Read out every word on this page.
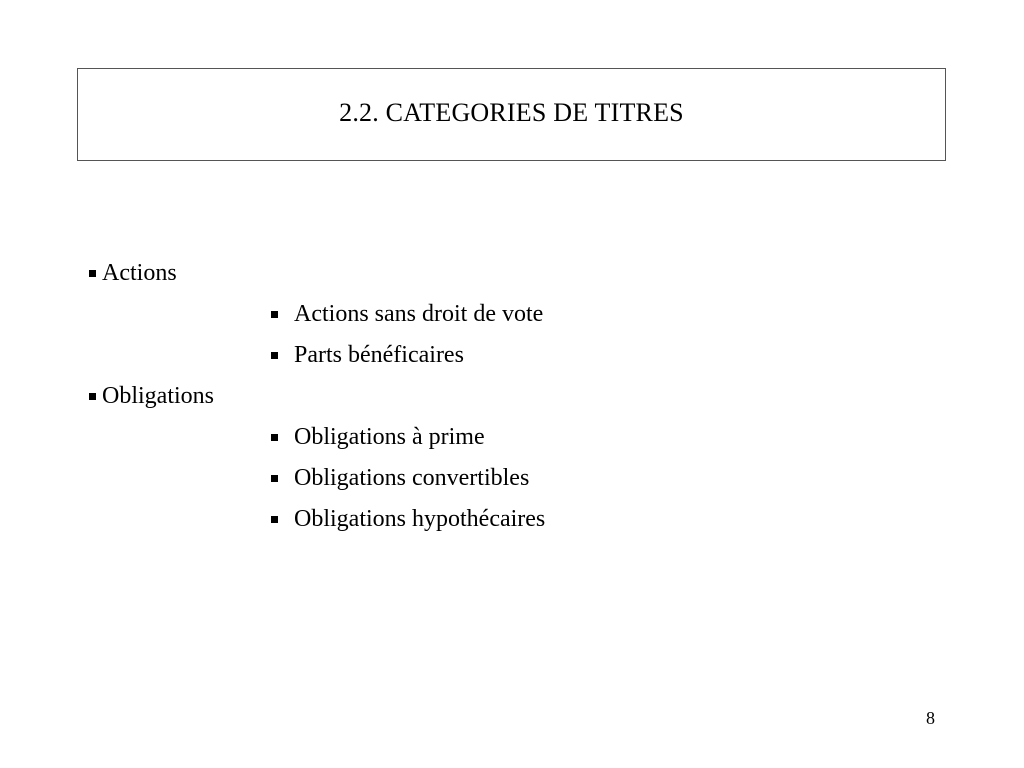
2.2. CATEGORIES DE TITRES
Actions
Actions sans droit de vote
Parts bénéficaires
Obligations
Obligations à prime
Obligations convertibles
Obligations hypothécaires
8
